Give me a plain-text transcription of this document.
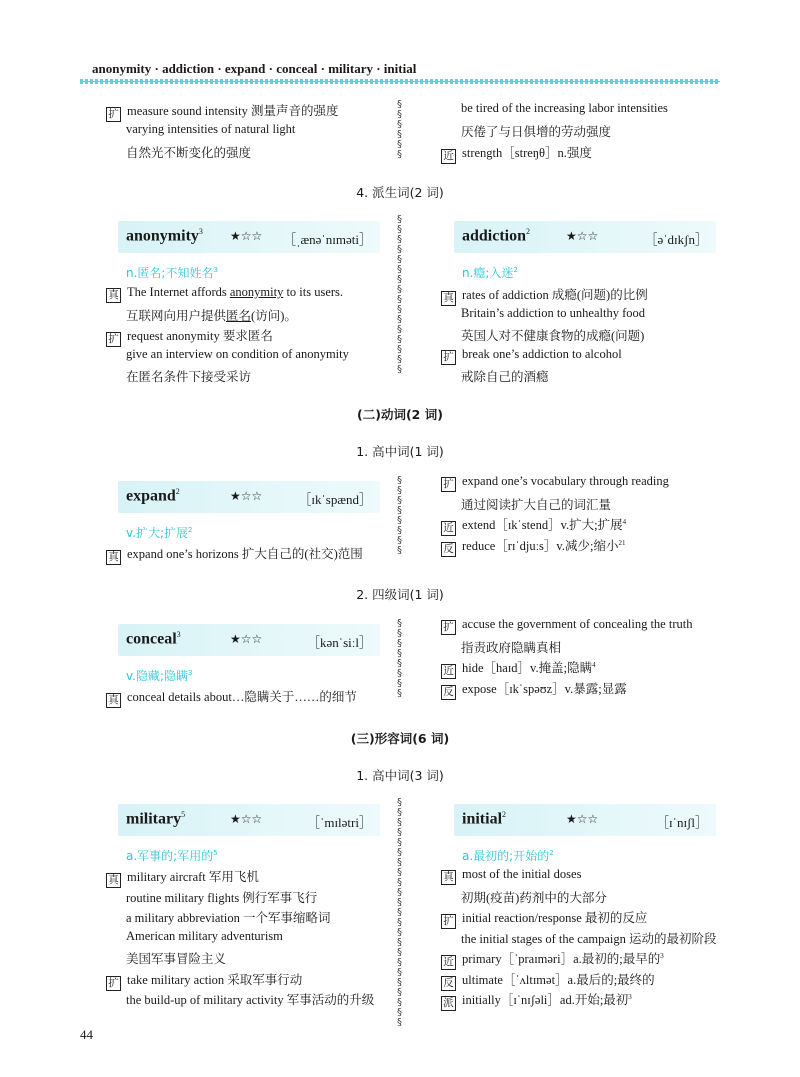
anonymity · addiction · expand · conceal · military · initial
扩 measure sound intensity 测量声音的强度
varying intensities of natural light
自然光不断变化的强度
be tired of the increasing labor intensities
厌倦了与日俱增的劳动强度
近 strength［streŋθ］n.强度
4. 派生词(2 词)
anonymity$^3$ ★☆☆ ［ˌænəˈnɪməti］
n.匿名;不知姓名$^3$
真 The Internet affords anonymity to its users.
互联网向用户提供匿名(访问)。
扩 request anonymity 要求匿名
give an interview on condition of anonymity
在匿名条件下接受采访
addiction$^2$	★☆☆	［əˈdɪkʃn］
n.瘾;入迷$^2$
真 rates of addiction 成瘾(问题)的比例
Britain’s addiction to unhealthy food
英国人对不健康食物的成瘾(问题)
扩 break one’s addiction to alcohol
戒除自己的酒瘾
(二)动词(2 词)
1. 高中词(1 词)
expand$^2$	★☆☆	［ɪkˈspænd］
v.扩大;扩展$^2$
真 expand one’s horizons 扩大自己的(社交)范围
扩 expand one’s vocabulary through reading
通过阅读扩大自己的词汇量
近 extend［ɪkˈstend］v.扩大;扩展$^4$
反 reduce［rɪˈdjuːs］v.减少;缩小$^{21}$
2. 四级词(1 词)
conceal$^3$	★☆☆	［kənˈsiːl］
v.隐藏;隐瞒$^3$
真 conceal details about…隐瞒关于……的细节
扩 accuse the government of concealing the truth
指责政府隐瞒真相
近 hide［haɪd］v.掩盖;隐瞒$^4$
反 expose［ɪkˈspəʊz］v.暴露;显露
(三)形容词(6 词)
1. 高中词(3 词)
military$^5$	★☆☆	［ˈmɪlətri］
a.军事的;军用的$^5$
真 military aircraft 军用飞机
routine military flights 例行军事飞行
a military abbreviation 一个军事缩略词
American military adventurism
美国军事冒险主义
扩 take military action 采取军事行动
the build-up of military activity 军事活动的升级
initial$^2$	★☆☆	［ɪˈnɪʃl］
a.最初的;开始的$^2$
真 most of the initial doses
初期(疫苗)药剂中的大部分
扩 initial reaction/response 最初的反应
the initial stages of the campaign 运动的最初阶段
近 primary［ˈpraɪməri］a.最初的;最早的$^3$
反 ultimate［ˈʌltɪmət］a.最后的;最终的
派 initially［ɪˈnɪʃəli］ad.开始;最初$^3$
§
§
§
§
§
§
§
§
§
§
§
§
§
§
§
§
§
§
§
§
§
§
§
§
§
§
§
§
§
§
§
§
§
§
§
§
§
§
§
§
§
§
§
§
§
§
§
§
§
§
§
§
§
§
§
§
§
§
§
§
§
44
